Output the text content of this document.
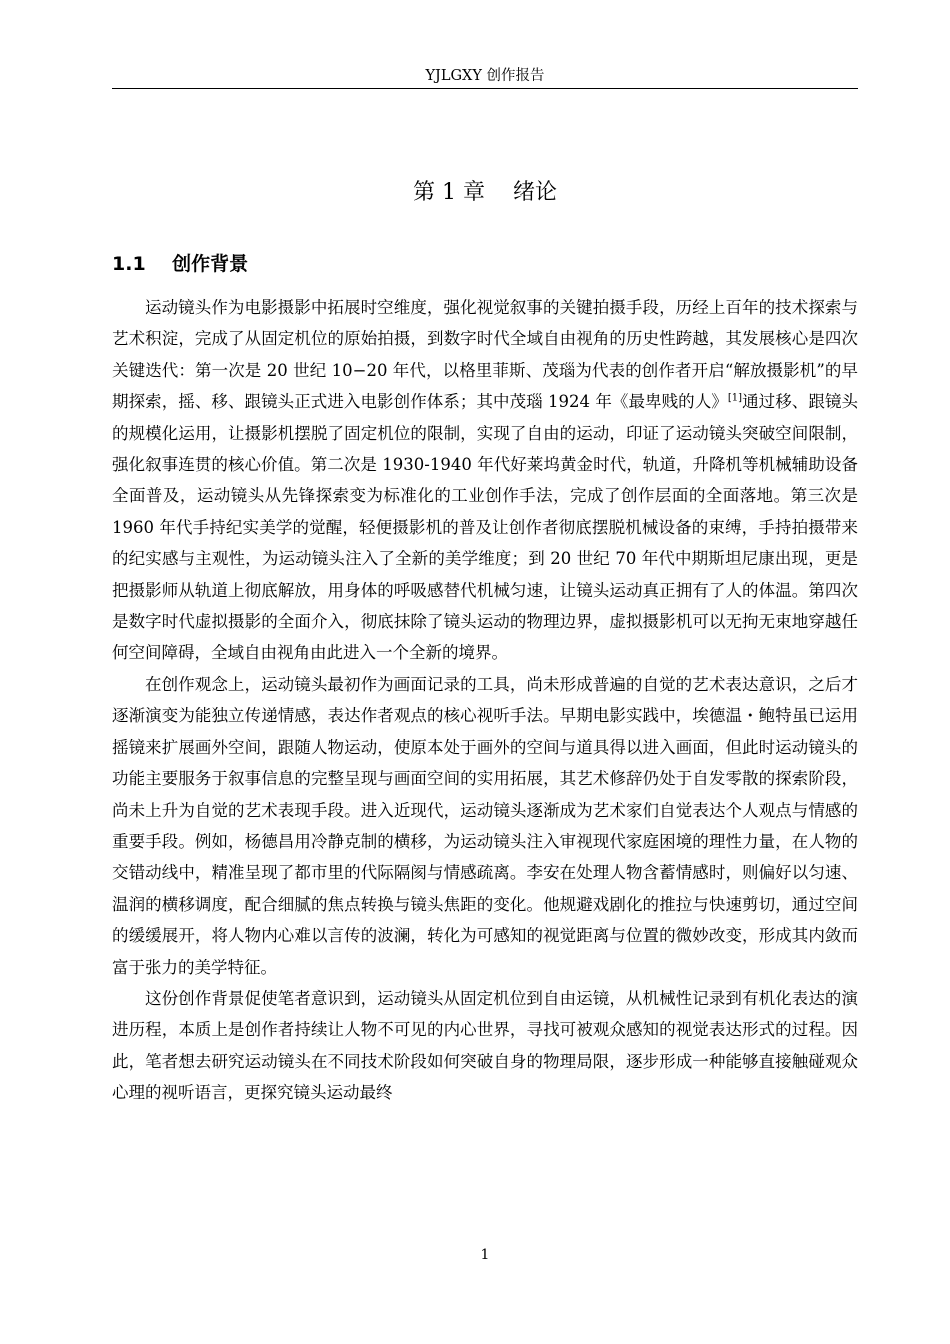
YJLGXY 创作报告
第 1 章    绪论
1.1    创作背景

运动镜头作为电影摄影中拓展时空维度，强化视觉叙事的关键拍摄手段，历经上百年的技术探索与艺术积淀，完成了从固定机位的原始拍摄，到数字时代全域自由视角的历史性跨越，其发展核心是四次关键迭代：第一次是 20 世纪 10−20 年代，以格里菲斯、茂瑙为代表的创作者开启“解放摄影机”的早期探索，摇、移、跟镜头正式进入电影创作体系；其中茂瑙 1924 年《最卑贱的人》[1]通过移、跟镜头的规模化运用，让摄影机摆脱了固定机位的限制，实现了自由的运动，印证了运动镜头突破空间限制，强化叙事连贯的核心价值。第二次是 1930-1940 年代好莱坞黄金时代，轨道，升降机等机械辅助设备全面普及，运动镜头从先锋探索变为标准化的工业创作手法，完成了创作层面的全面落地。第三次是 1960 年代手持纪实美学的觉醒，轻便摄影机的普及让创作者彻底摆脱机械设备的束缚，手持拍摄带来的纪实感与主观性，为运动镜头注入了全新的美学维度；到 20 世纪 70 年代中期斯坦尼康出现，更是把摄影师从轨道上彻底解放，用身体的呼吸感替代机械匀速，让镜头运动真正拥有了人的体温。第四次是数字时代虚拟摄影的全面介入，彻底抹除了镜头运动的物理边界，虚拟摄影机可以无拘无束地穿越任何空间障碍，全域自由视角由此进入一个全新的境界。

在创作观念上，运动镜头最初作为画面记录的工具，尚未形成普遍的自觉的艺术表达意识，之后才逐渐演变为能独立传递情感，表达作者观点的核心视听手法。早期电影实践中，埃德温・鲍特虽已运用摇镜来扩展画外空间，跟随人物运动，使原本处于画外的空间与道具得以进入画面，但此时运动镜头的功能主要服务于叙事信息的完整呈现与画面空间的实用拓展，其艺术修辞仍处于自发零散的探索阶段，尚未上升为自觉的艺术表现手段。进入近现代，运动镜头逐渐成为艺术家们自觉表达个人观点与情感的重要手段。例如，杨德昌用冷静克制的横移，为运动镜头注入审视现代家庭困境的理性力量，在人物的交错动线中，精准呈现了都市里的代际隔阂与情感疏离。李安在处理人物含蓄情感时，则偏好以匀速、温润的横移调度，配合细腻的焦点转换与镜头焦距的变化。他规避戏剧化的推拉与快速剪切，通过空间的缓缓展开，将人物内心难以言传的波澜，转化为可感知的视觉距离与位置的微妙改变，形成其内敛而富于张力的美学特征。

这份创作背景促使笔者意识到，运动镜头从固定机位到自由运镜，从机械性记录到有机化表达的演进历程，本质上是创作者持续让人物不可见的内心世界，寻找可被观众感知的视觉表达形式的过程。因此，笔者想去研究运动镜头在不同技术阶段如何突破自身的物理局限，逐步形成一种能够直接触碰观众心理的视听语言，更探究镜头运动最终

1
